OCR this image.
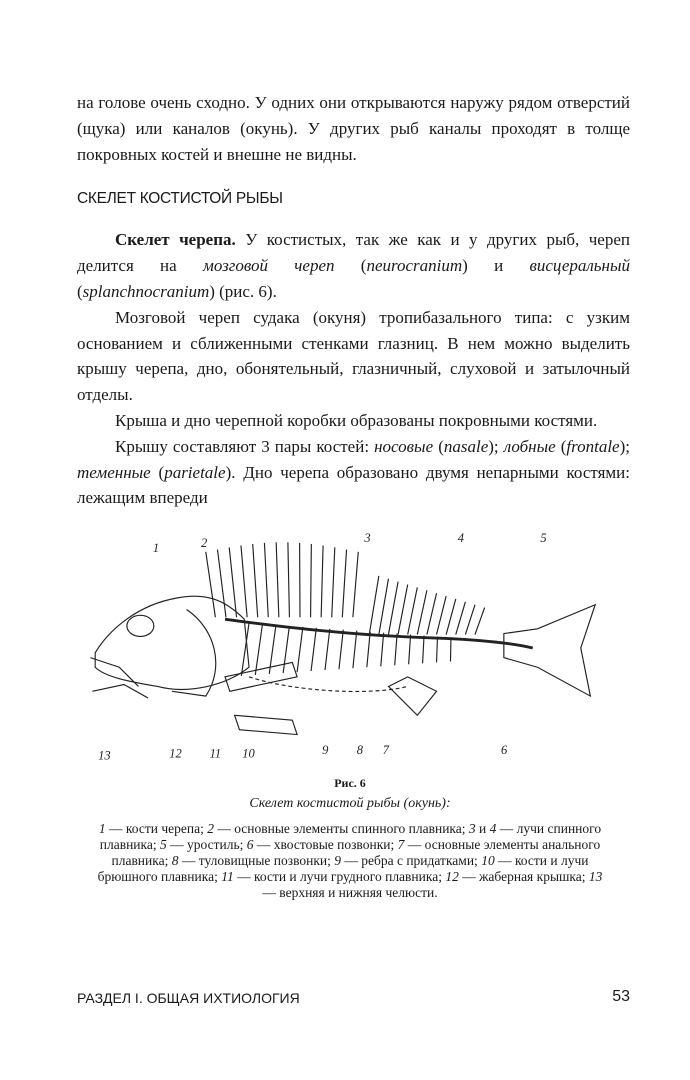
на голове очень сходно. У одних они открываются наружу рядом отверстий (щука) или каналов (окунь). У других рыб каналы проходят в толще покровных костей и внешне не видны.

СКЕЛЕТ КОСТИСТОЙ РЫБЫ

Скелет черепа. У костистых, так же как и у других рыб, череп делится на мозговой череп (neurocranium) и висцеральный (splanchnocranium) (рис. 6).

Мозговой череп судака (окуня) тропибазального типа: с узким основанием и сближенными стенками глазниц. В нем можно выделить крышу черепа, дно, обонятельный, глазничный, слуховой и затылочный отделы.

Крыша и дно черепной коробки образованы покровными костями.

Крышу составляют 3 пары костей: носовые (nasale); лобные (frontale); теменные (parietale). Дно черепа образовано двумя непарными костями: лежащим впереди

1	2	3	4	5
6
7
8
9
10
11
12
13
Рис. 6
Скелет костистой рыбы (окунь):
1 — кости черепа; 2 — основные элементы спинного плавника; 3 и 4 — лучи спинного плавника; 5 — уростиль; 6 — хвостовые позвонки; 7 — основные элементы анального плавника; 8 — туловищные позвонки; 9 — ребра с придатками; 10 — кости и лучи брюшного плавника; 11 — кости и лучи грудного плавника; 12 — жаберная крышка; 13 — верхняя и нижняя челюсти.
РАЗДЕЛ I. ОБЩАЯ ИХТИОЛОГИЯ	53
